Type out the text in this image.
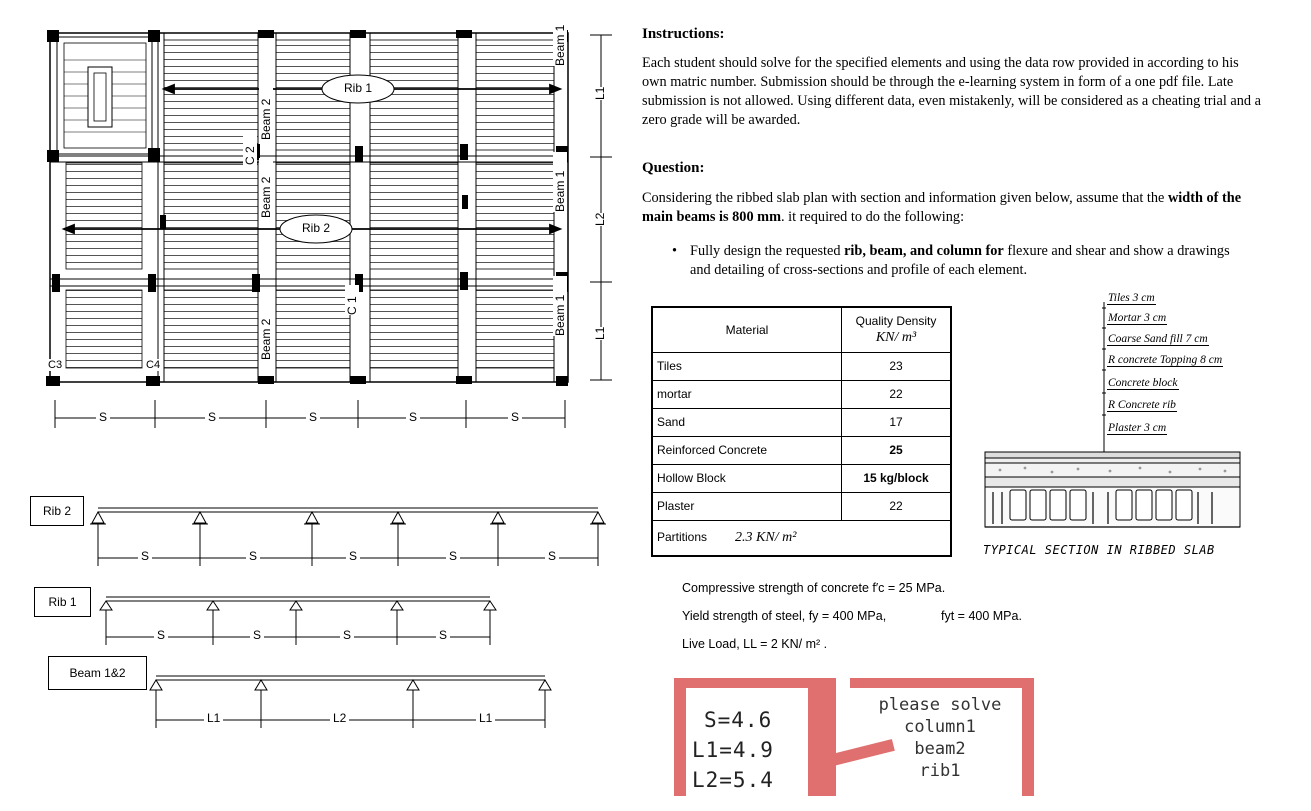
Rib 1
Rib 2
Beam 1
Beam 1
Beam 1
Beam 2
Beam 2
Beam 2
C 2
C 1
C3	C4
L1
L2
L1
S	S	S	S	S
Rib 2
Rib 1
Beam 1&2
S	S	S	S	S
S	S	S	S
L1	L2	L1
Instructions:
Each student should solve for the specified elements and using the data row provided in according to his own matric number. Submission should be through the e-learning system in form of a one pdf file. Late submission is not allowed. Using different data, even mistakenly, will be considered as a cheating trial and a zero grade will be awarded.
Question:
Considering the ribbed slab plan with section and information given below, assume that the width of the main beams is 800 mm. it required to do the following:
• Fully design the requested rib, beam, and column for flexure and shear and show a drawings and detailing of cross-sections and profile of each element.
Material	Quality Density
KN/ m³
Tiles	23
mortar	22
Sand	17
Reinforced Concrete	25
Hollow Block	15 kg/block
Plaster	22
Partitions 2.3 KN/ m²	
Tiles 3 cm
Mortar 3 cm
Coarse Sand fill 7 cm
R concrete Topping 8 cm
Concrete block
R Concrete rib
Plaster 3 cm
TYPICAL SECTION IN RIBBED SLAB
Compressive strength of concrete f′c = 25 MPa.
Yield strength of steel, fy = 400 MPa,	fyt = 400 MPa.
Live Load, LL = 2 KN/ m² .
S=4.6
L1=4.9
L2=5.4
please solve
column1
beam2
rib1
